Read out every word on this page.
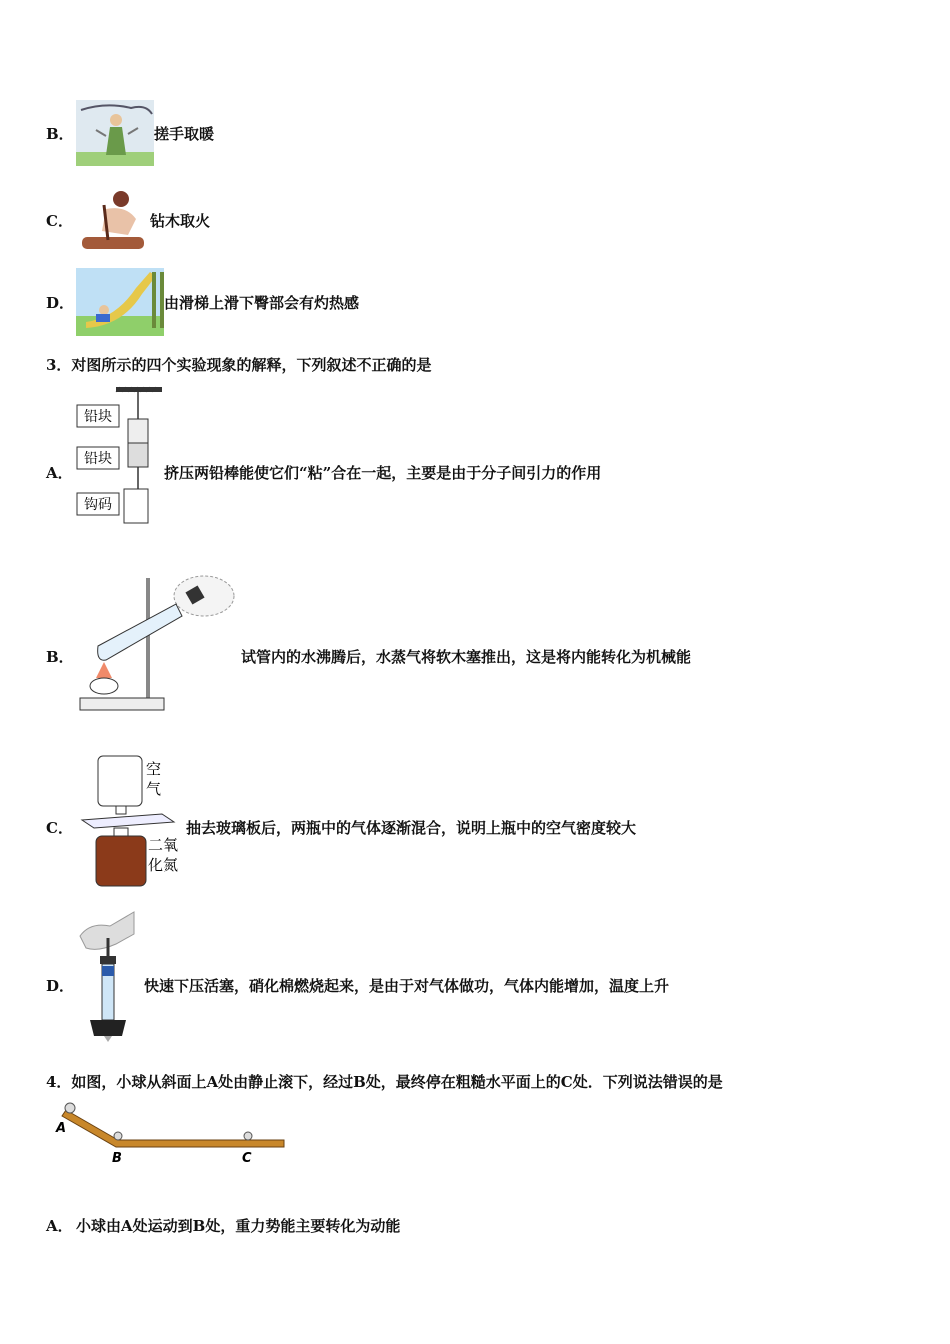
B．	搓手取暖
C．	钻木取火
D．	由滑梯上滑下臀部会有灼热感
3．对图所示的四个实验现象的解释，下列叙述不正确的是
铅块
铅块
钩码
A．	挤压两铅棒能使它们“粘”合在一起，主要是由于分子间引力的作用
B．	试管内的水沸腾后，水蒸气将软木塞推出，这是将内能转化为机械能
空
气
二氧
化氮
C．	抽去玻璃板后，两瓶中的气体逐渐混合，说明上瓶中的空气密度较大
D．	快速下压活塞，硝化棉燃烧起来，是由于对气体做功，气体内能增加，温度上升
4．如图，小球从斜面上A处由静止滚下，经过B处，最终停在粗糙水平面上的C处．下列说法错误的是
A
B	C
A． 小球由A处运动到B处，重力势能主要转化为动能
